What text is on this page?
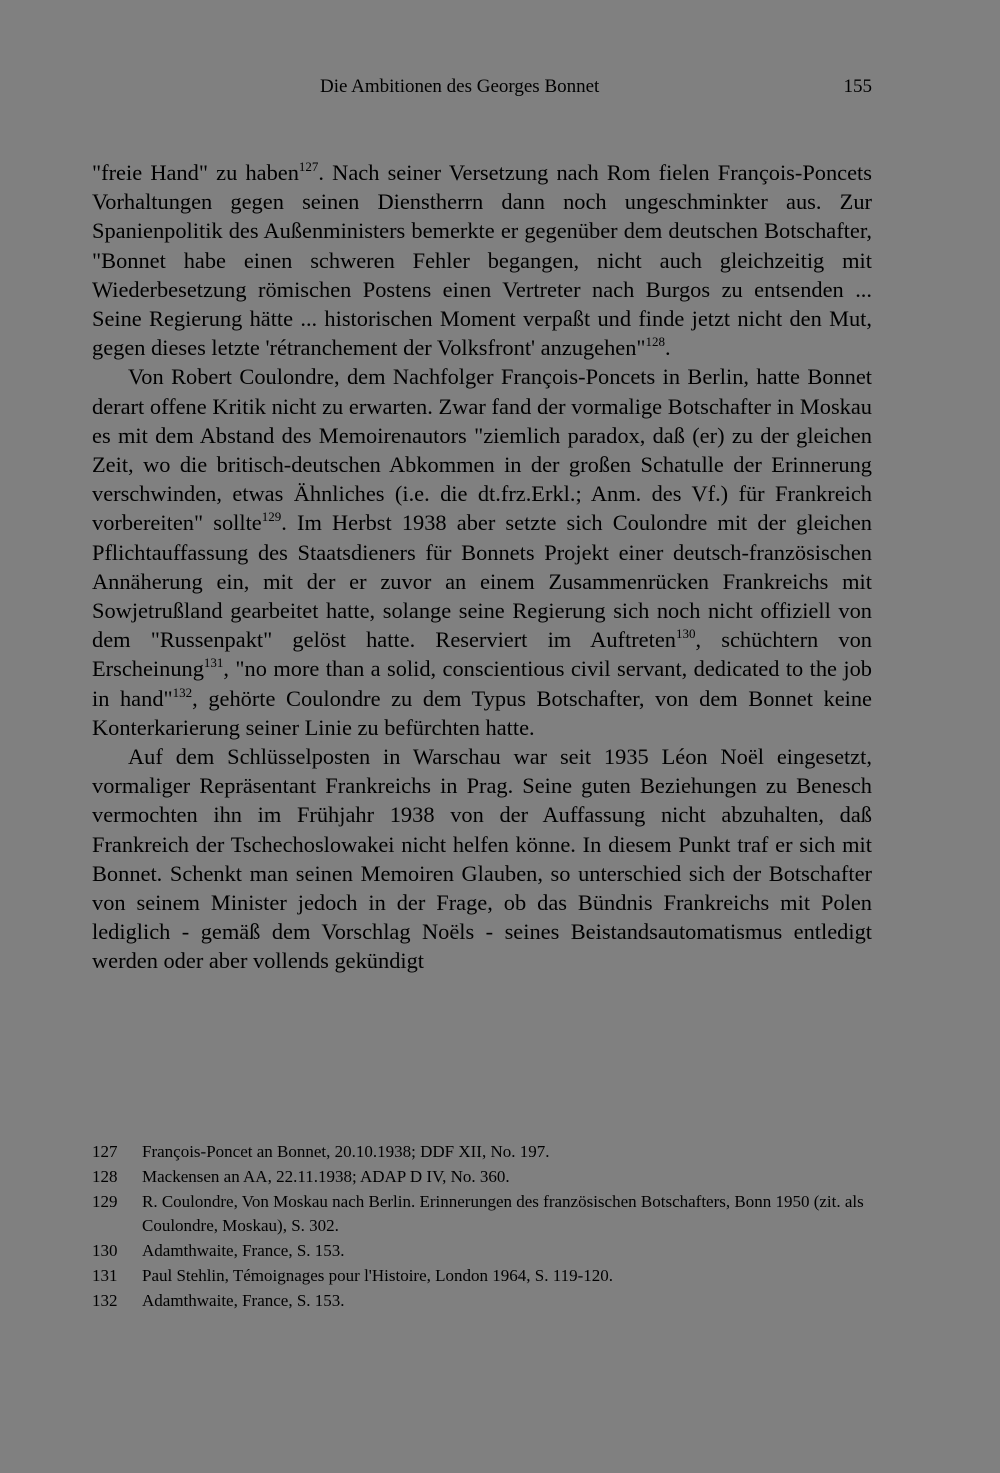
Die Ambitionen des Georges Bonnet	155

"freie Hand" zu haben$^{127}$. Nach seiner Versetzung nach Rom fielen François-Poncets Vorhaltungen gegen seinen Dienstherrn dann noch ungeschminkter aus. Zur Spanienpolitik des Außenministers bemerkte er gegenüber dem deutschen Botschafter, "Bonnet habe einen schweren Fehler begangen, nicht auch gleichzeitig mit Wiederbesetzung römischen Postens einen Vertreter nach Burgos zu entsenden ... Seine Regierung hätte ... historischen Moment verpaßt und finde jetzt nicht den Mut, gegen dieses letzte 'rétranchement der Volksfront' anzugehen"$^{128}$.

Von Robert Coulondre, dem Nachfolger François-Poncets in Berlin, hatte Bonnet derart offene Kritik nicht zu erwarten. Zwar fand der vormalige Botschafter in Moskau es mit dem Abstand des Memoirenautors "ziemlich paradox, daß (er) zu der gleichen Zeit, wo die britisch-deutschen Abkommen in der großen Schatulle der Erinnerung verschwinden, etwas Ähnliches (i.e. die dt.frz.Erkl.; Anm. des Vf.) für Frankreich vorbereiten" sollte$^{129}$. Im Herbst 1938 aber setzte sich Coulondre mit der gleichen Pflichtauffassung des Staatsdieners für Bonnets Projekt einer deutsch-französischen Annäherung ein, mit der er zuvor an einem Zusammenrücken Frankreichs mit Sowjetrußland gearbeitet hatte, solange seine Regierung sich noch nicht offiziell von dem "Russenpakt" gelöst hatte. Reserviert im Auftreten$^{130}$, schüchtern von Erscheinung$^{131}$, "no more than a solid, conscientious civil servant, dedicated to the job in hand"$^{132}$, gehörte Coulondre zu dem Typus Botschafter, von dem Bonnet keine Konterkarierung seiner Linie zu befürchten hatte.

Auf dem Schlüsselposten in Warschau war seit 1935 Léon Noël eingesetzt, vormaliger Repräsentant Frankreichs in Prag. Seine guten Beziehungen zu Benesch vermochten ihn im Frühjahr 1938 von der Auffassung nicht abzuhalten, daß Frankreich der Tschechoslowakei nicht helfen könne. In diesem Punkt traf er sich mit Bonnet. Schenkt man seinen Memoiren Glauben, so unterschied sich der Botschafter von seinem Minister jedoch in der Frage, ob das Bündnis Frankreichs mit Polen lediglich - gemäß dem Vorschlag Noëls - seines Beistandsautomatismus entledigt werden oder aber vollends gekündigt

127 François-Poncet an Bonnet, 20.10.1938; DDF XII, No. 197.
128 Mackensen an AA, 22.11.1938; ADAP D IV, No. 360.
129 R. Coulondre, Von Moskau nach Berlin. Erinnerungen des französischen Botschafters, Bonn 1950 (zit. als Coulondre, Moskau), S. 302.
130 Adamthwaite, France, S. 153.
131 Paul Stehlin, Témoignages pour l'Histoire, London 1964, S. 119-120.
132 Adamthwaite, France, S. 153.
